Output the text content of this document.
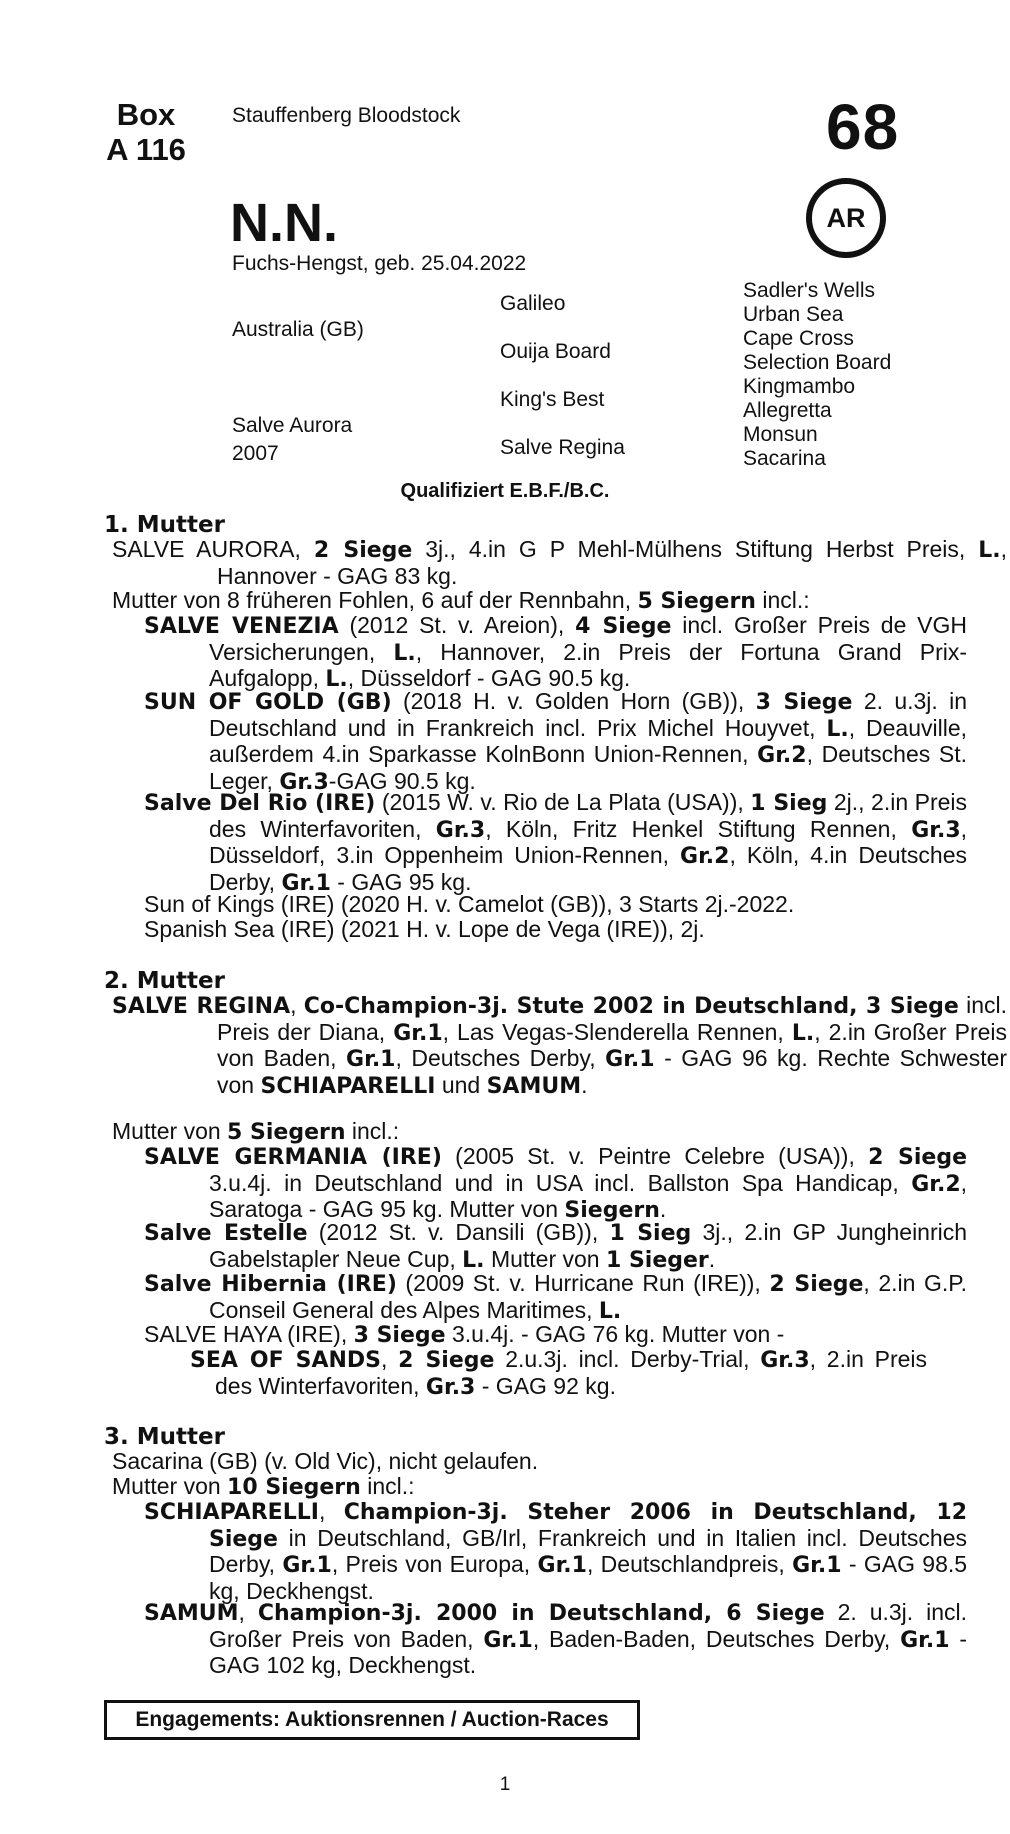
Box
A 116
Stauffenberg Bloodstock	68
N.N.	AR
Fuchs-Hengst, geb. 25.04.2022
Australia (GB)
Salve Aurora
2007
Galileo
Ouija Board
King's Best
Salve Regina
Sadler's Wells
Urban Sea
Cape Cross
Selection Board
Kingmambo
Allegretta
Monsun
Sacarina
Qualifiziert E.B.F./B.C.
1. Mutter
SALVE AURORA, 2 Siege 3j., 4.in G P Mehl-Mülhens Stiftung Herbst Preis, L., Hannover - GAG 83 kg.
Mutter von 8 früheren Fohlen, 6 auf der Rennbahn, 5 Siegern incl.:
SALVE VENEZIA (2012 St. v. Areion), 4 Siege incl. Großer Preis de VGH Versicherungen, L., Hannover, 2.in Preis der Fortuna Grand Prix-Aufgalopp, L., Düsseldorf - GAG 90.5 kg.
SUN OF GOLD (GB) (2018 H. v. Golden Horn (GB)), 3 Siege 2. u.3j. in Deutschland und in Frankreich incl. Prix Michel Houyvet, L., Deauville, außerdem 4.in Sparkasse KolnBonn Union-Rennen, Gr.2, Deutsches St. Leger, Gr.3-GAG 90.5 kg.
Salve Del Rio (IRE) (2015 W. v. Rio de La Plata (USA)), 1 Sieg 2j., 2.in Preis des Winterfavoriten, Gr.3, Köln, Fritz Henkel Stiftung Rennen, Gr.3, Düsseldorf, 3.in Oppenheim Union-Rennen, Gr.2, Köln, 4.in Deutsches Derby, Gr.1 - GAG 95 kg.
Sun of Kings (IRE) (2020 H. v. Camelot (GB)), 3 Starts 2j.-2022.
Spanish Sea (IRE) (2021 H. v. Lope de Vega (IRE)), 2j.
2. Mutter
SALVE REGINA, Co-Champion-3j. Stute 2002 in Deutschland, 3 Siege incl. Preis der Diana, Gr.1, Las Vegas-Slenderella Rennen, L., 2.in Großer Preis von Baden, Gr.1, Deutsches Derby, Gr.1 - GAG 96 kg. Rechte Schwester von SCHIAPARELLI und SAMUM.
Mutter von 5 Siegern incl.:
SALVE GERMANIA (IRE) (2005 St. v. Peintre Celebre (USA)), 2 Siege 3.u.4j. in Deutschland und in USA incl. Ballston Spa Handicap, Gr.2, Saratoga - GAG 95 kg. Mutter von Siegern.
Salve Estelle (2012 St. v. Dansili (GB)), 1 Sieg 3j., 2.in GP Jungheinrich Gabelstapler Neue Cup, L. Mutter von 1 Sieger.
Salve Hibernia (IRE) (2009 St. v. Hurricane Run (IRE)), 2 Siege, 2.in G.P. Conseil General des Alpes Maritimes, L.
SALVE HAYA (IRE), 3 Siege 3.u.4j. - GAG 76 kg. Mutter von -
SEA OF SANDS, 2 Siege 2.u.3j. incl. Derby-Trial, Gr.3, 2.in Preis des Winterfavoriten, Gr.3 - GAG 92 kg.
3. Mutter
Sacarina (GB) (v. Old Vic), nicht gelaufen.
Mutter von 10 Siegern incl.:
SCHIAPARELLI, Champion-3j. Steher 2006 in Deutschland, 12 Siege in Deutschland, GB/Irl, Frankreich und in Italien incl. Deutsches Derby, Gr.1, Preis von Europa, Gr.1, Deutschlandpreis, Gr.1 - GAG 98.5 kg, Deckhengst.
SAMUM, Champion-3j. 2000 in Deutschland, 6 Siege 2. u.3j. incl. Großer Preis von Baden, Gr.1, Baden-Baden, Deutsches Derby, Gr.1 - GAG 102 kg, Deckhengst.
Engagements: Auktionsrennen / Auction-Races
1
